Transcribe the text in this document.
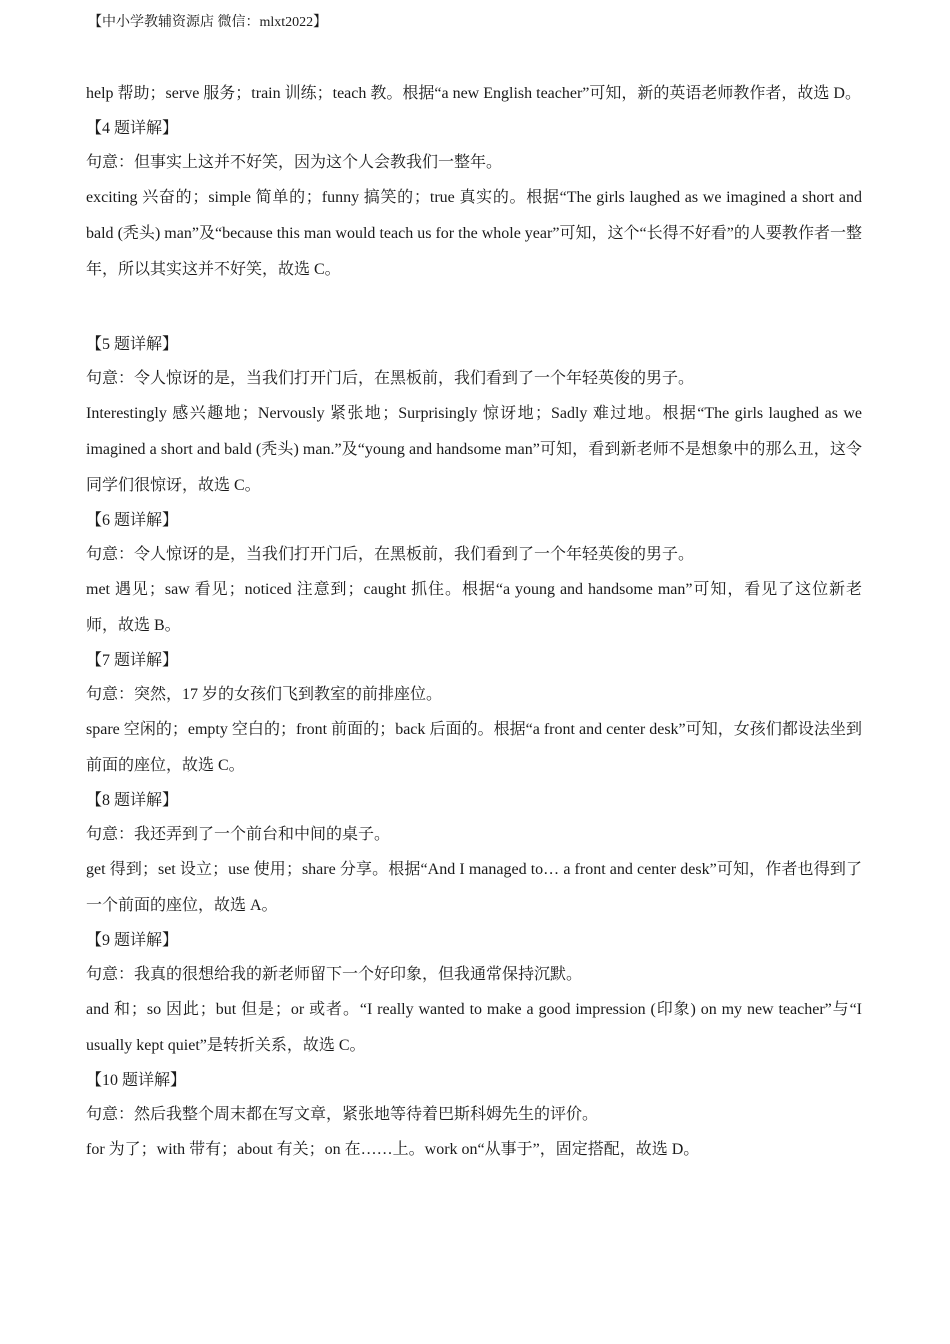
【中小学教辅资源店 微信：mlxt2022】

help 帮助；serve 服务；train 训练；teach 教。根据“a new English teacher”可知，新的英语老师教作者，故选 D。

【4 题详解】

句意：但事实上这并不好笑，因为这个人会教我们一整年。

exciting 兴奋的；simple 简单的；funny 搞笑的；true 真实的。根据“The girls laughed as we imagined a short and bald (秃头) man”及“because this man would teach us for the whole year”可知，这个“长得不好看”的人要教作者一整年，所以其实这并不好笑，故选 C。

【5 题详解】

句意：令人惊讶的是，当我们打开门后，在黑板前，我们看到了一个年轻英俊的男子。

Interestingly 感兴趣地；Nervously 紧张地；Surprisingly 惊讶地；Sadly 难过地。根据“The girls laughed as we imagined a short and bald (秃头) man.”及“young and handsome man”可知，看到新老师不是想象中的那么丑，这令同学们很惊讶，故选 C。

【6 题详解】

句意：令人惊讶的是，当我们打开门后，在黑板前，我们看到了一个年轻英俊的男子。

met 遇见；saw 看见；noticed 注意到；caught 抓住。根据“a young and handsome man”可知，看见了这位新老师，故选 B。

【7 题详解】

句意：突然，17 岁的女孩们飞到教室的前排座位。

spare 空闲的；empty 空白的；front 前面的；back 后面的。根据“a front and center desk”可知，女孩们都设法坐到前面的座位，故选 C。

【8 题详解】

句意：我还弄到了一个前台和中间的桌子。

get 得到；set 设立；use 使用；share 分享。根据“And I managed to… a front and center desk”可知，作者也得到了一个前面的座位，故选 A。

【9 题详解】

句意：我真的很想给我的新老师留下一个好印象，但我通常保持沉默。

and 和；so 因此；but 但是；or 或者。“I really wanted to make a good impression (印象) on my new teacher”与“I usually kept quiet”是转折关系，故选 C。

【10 题详解】

句意：然后我整个周末都在写文章，紧张地等待着巴斯科姆先生的评价。

for 为了；with 带有；about 有关；on 在……上。work on“从事于”，固定搭配，故选 D。
